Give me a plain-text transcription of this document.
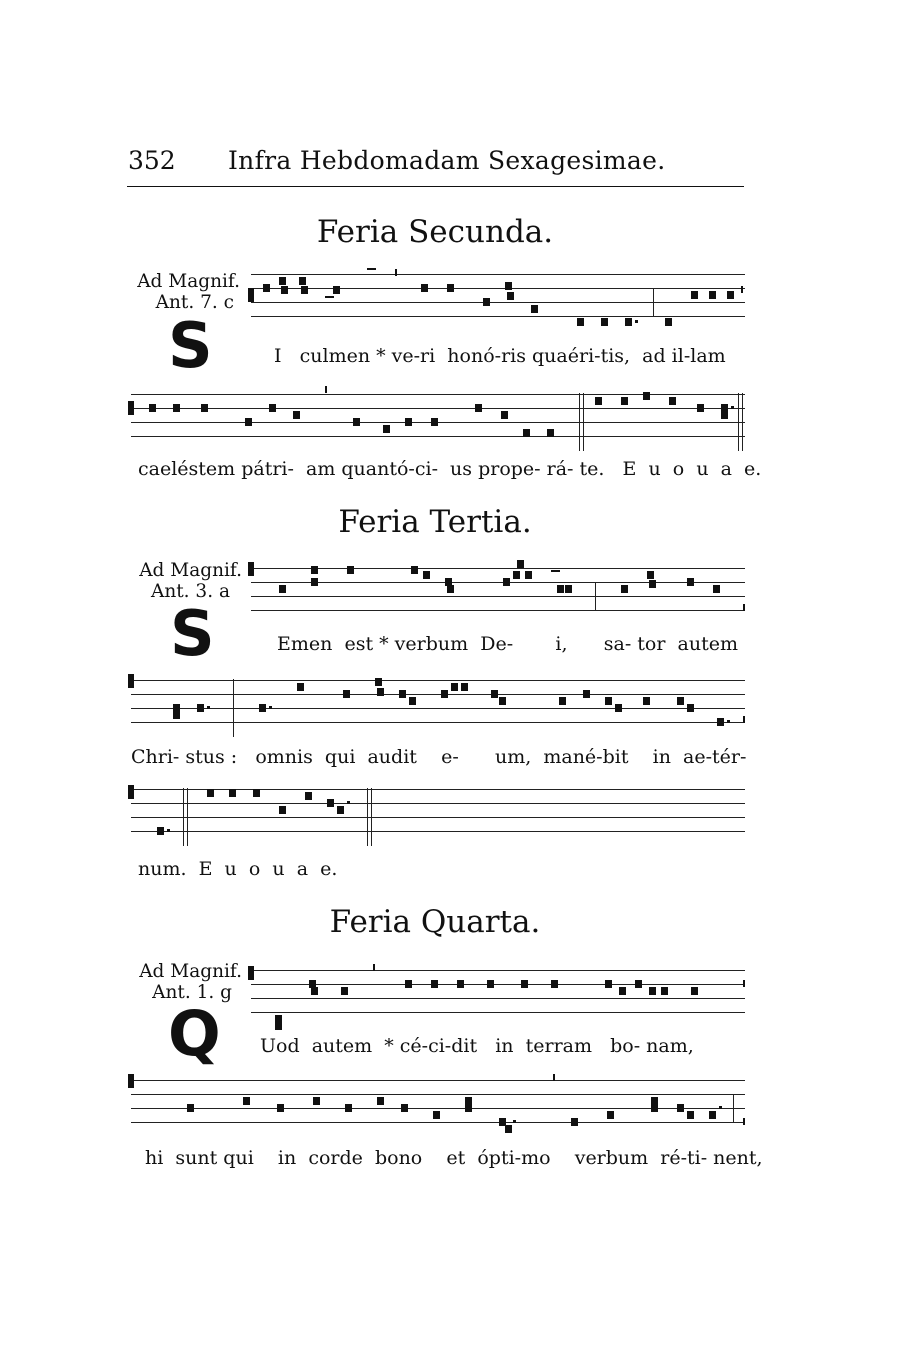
352 Infra Hebdomadam Sexagesimae.
Feria Secunda.
Ad Magnif.
Ant. 7. c
S	I   culmen * ve-ri  honó-ris quaéri-tis,  ad il-lam
caeléstem pátri-  am quantó-ci-  us prope- rá- te.   E  u  o  u  a  e.
Feria Tertia.
Ad Magnif.
Ant. 3. a
S	Emen  est * verbum  De-       i,      sa- tor  autem
Chri- stus :   omnis  qui  audit    e-      um,  mané-bit    in  ae-tér-
num.  E  u  o  u  a  e.
Feria Quarta.
Ad Magnif.
Ant. 1. g
Q Uod  autem  * cé-ci-dit   in  terram   bo- nam,
hi  sunt qui    in  corde  bono    et  ópti-mo    verbum  ré-ti- nent,
